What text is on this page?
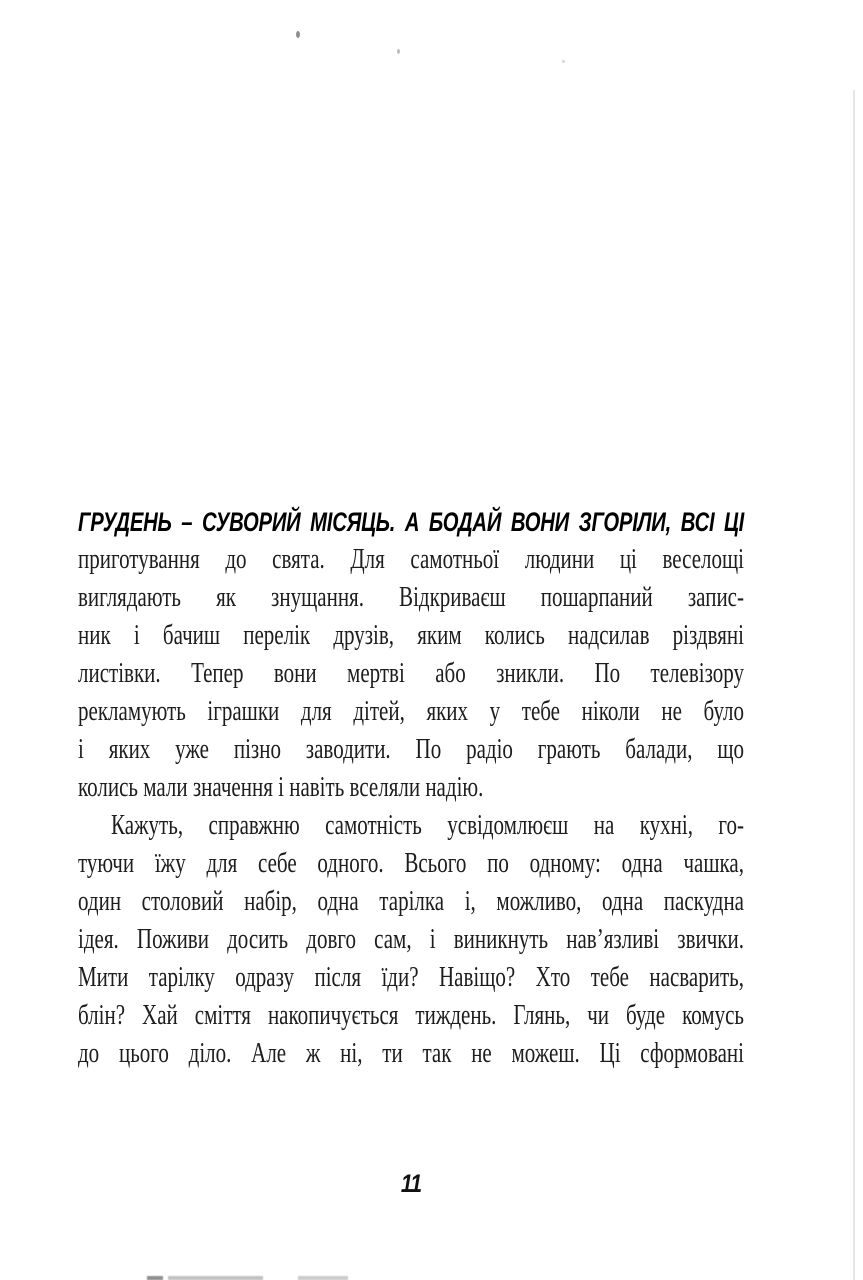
ГРУДЕНЬ – СУВОРИЙ МІСЯЦЬ. А БОДАЙ ВОНИ ЗГОРІЛИ, ВСІ ЦІ
приготування до свята. Для самотньої людини ці веселощі
виглядають як знущання. Відкриваєш пошарпаний запис-
ник і бачиш перелік друзів, яким колись надсилав різдвяні
листівки. Тепер вони мертві або зникли. По телевізору
рекламують іграшки для дітей, яких у тебе ніколи не було
і яких уже пізно заводити. По радіо грають балади, що
колись мали значення і навіть вселяли надію.
Кажуть, справжню самотність усвідомлюєш на кухні, го-
туючи їжу для себе одного. Всього по одному: одна чашка,
один столовий набір, одна тарілка і, можливо, одна паскудна
ідея. Поживи досить довго сам, і виникнуть нав’язливі звички.
Мити тарілку одразу після їди? Навіщо? Хто тебе насварить,
блін? Хай сміття накопичується тиждень. Глянь, чи буде комусь
до цього діло. Але ж ні, ти так не можеш. Ці сформовані
11
